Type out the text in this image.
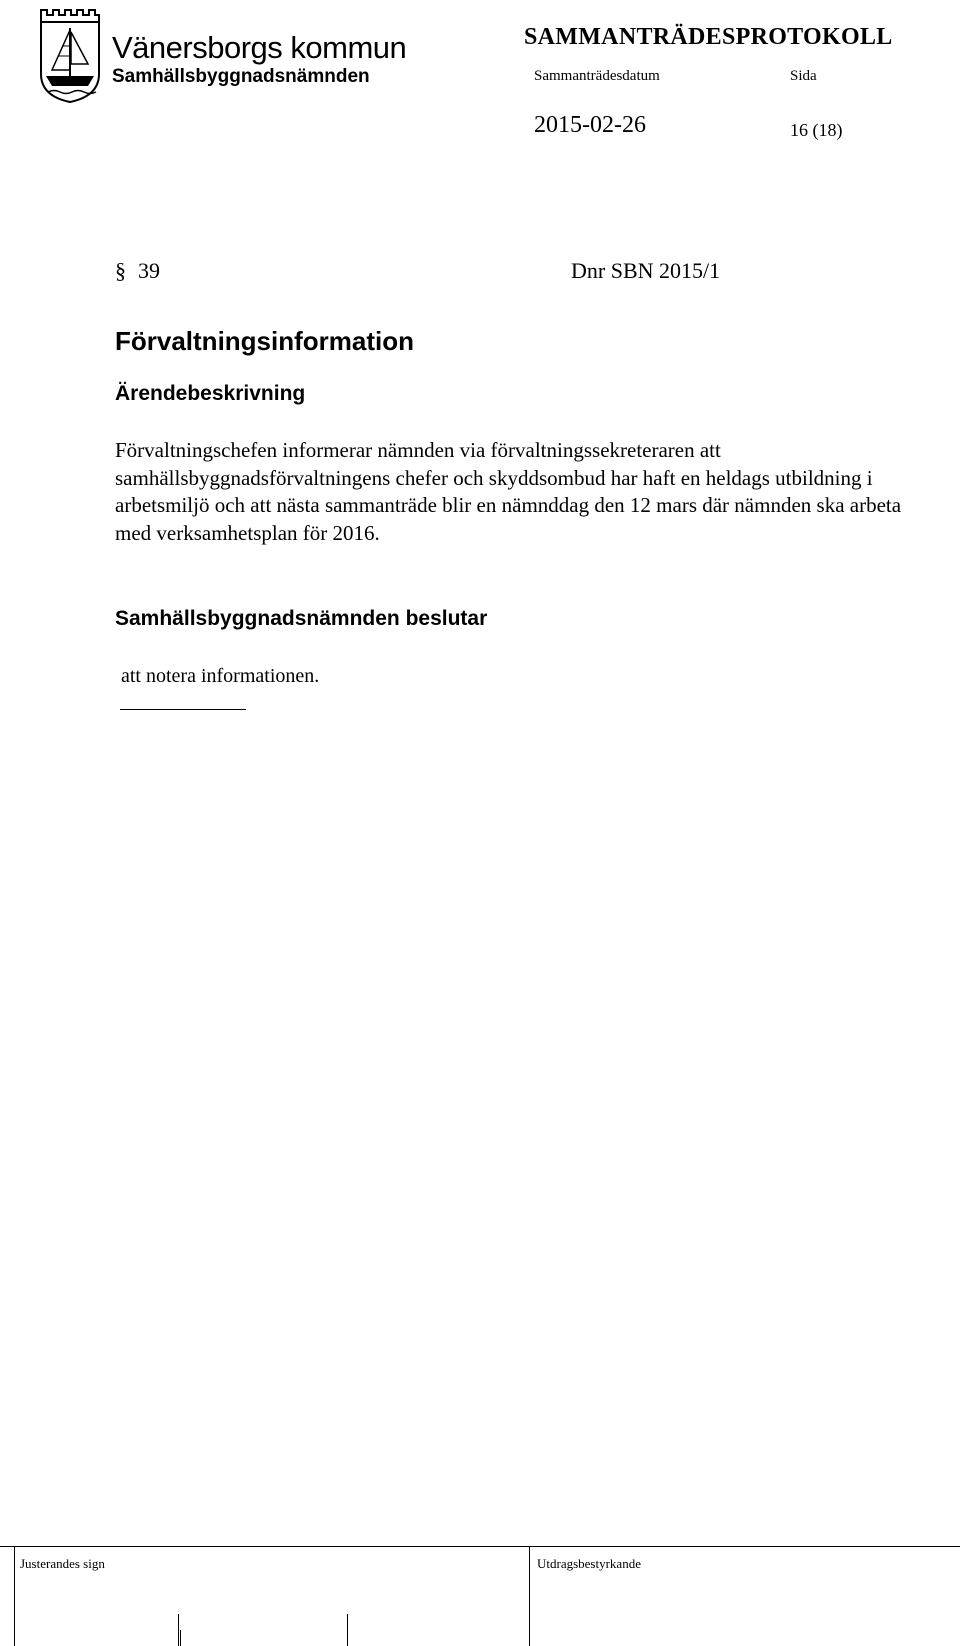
Vänersborgs kommun
Samhällsbyggnadsnämnden
SAMMANTRÄDESPROTOKOLL
Sammanträdesdatum	Sida
2015-02-26	16 (18)
§ 39	Dnr SBN 2015/1
Förvaltningsinformation
Ärendebeskrivning
Förvaltningschefen informerar nämnden via förvaltningssekreteraren att samhällsbyggnadsförvaltningens chefer och skyddsombud har haft en heldags utbildning i arbetsmiljö och att nästa sammanträde blir en nämnddag den 12 mars där nämnden ska arbeta med verksamhetsplan för 2016.
Samhällsbyggnadsnämnden beslutar
att notera informationen.
Justerandes sign	Utdragsbestyrkande
